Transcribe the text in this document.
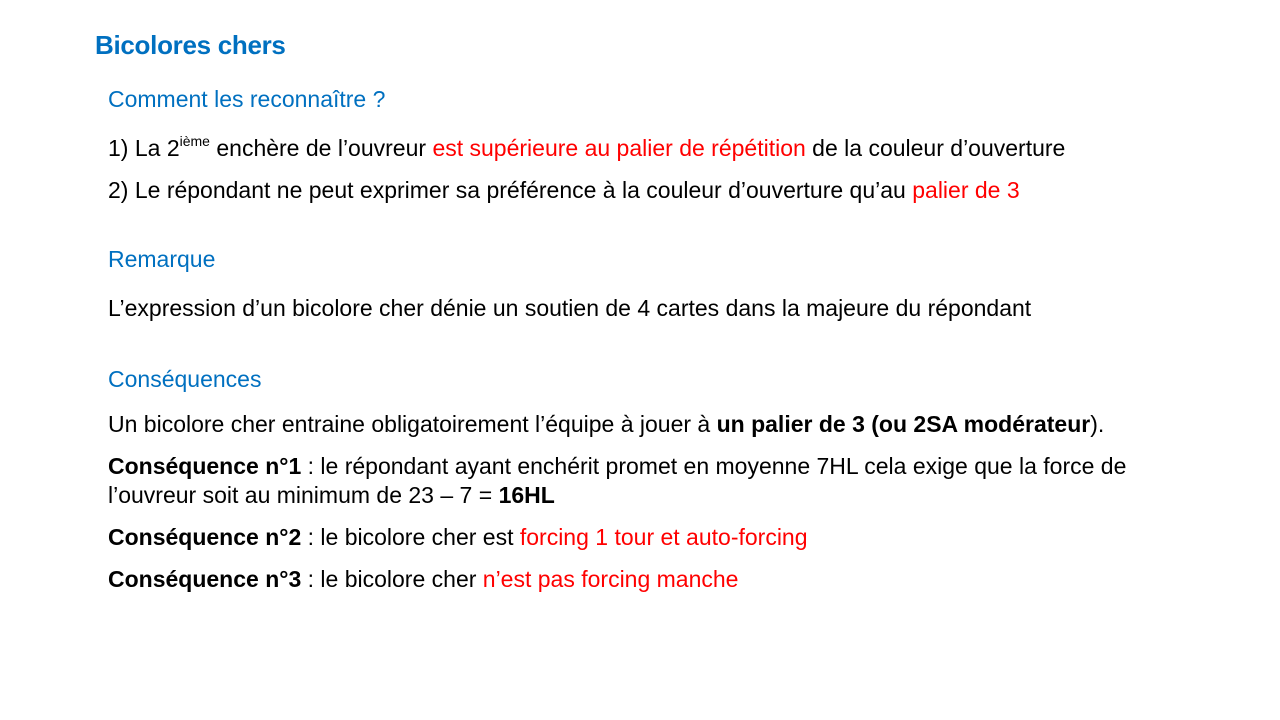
Bicolores chers
Comment les reconnaître ?
1) La 2ième enchère de l’ouvreur est supérieure au palier de répétition de la couleur d’ouverture
2) Le répondant ne peut exprimer sa préférence à la couleur d’ouverture qu’au palier de 3
Remarque
L’expression d’un bicolore cher dénie un soutien de 4 cartes dans la majeure du répondant
Conséquences
Un bicolore cher entraine obligatoirement l’équipe à jouer à un palier de 3 (ou 2SA modérateur).
Conséquence n°1 : le répondant ayant enchérit promet en moyenne 7HL cela exige que la force de l’ouvreur soit au minimum de 23 – 7 = 16HL
Conséquence n°2 : le bicolore cher est forcing 1 tour et auto-forcing
Conséquence n°3 : le bicolore cher n’est pas forcing manche
